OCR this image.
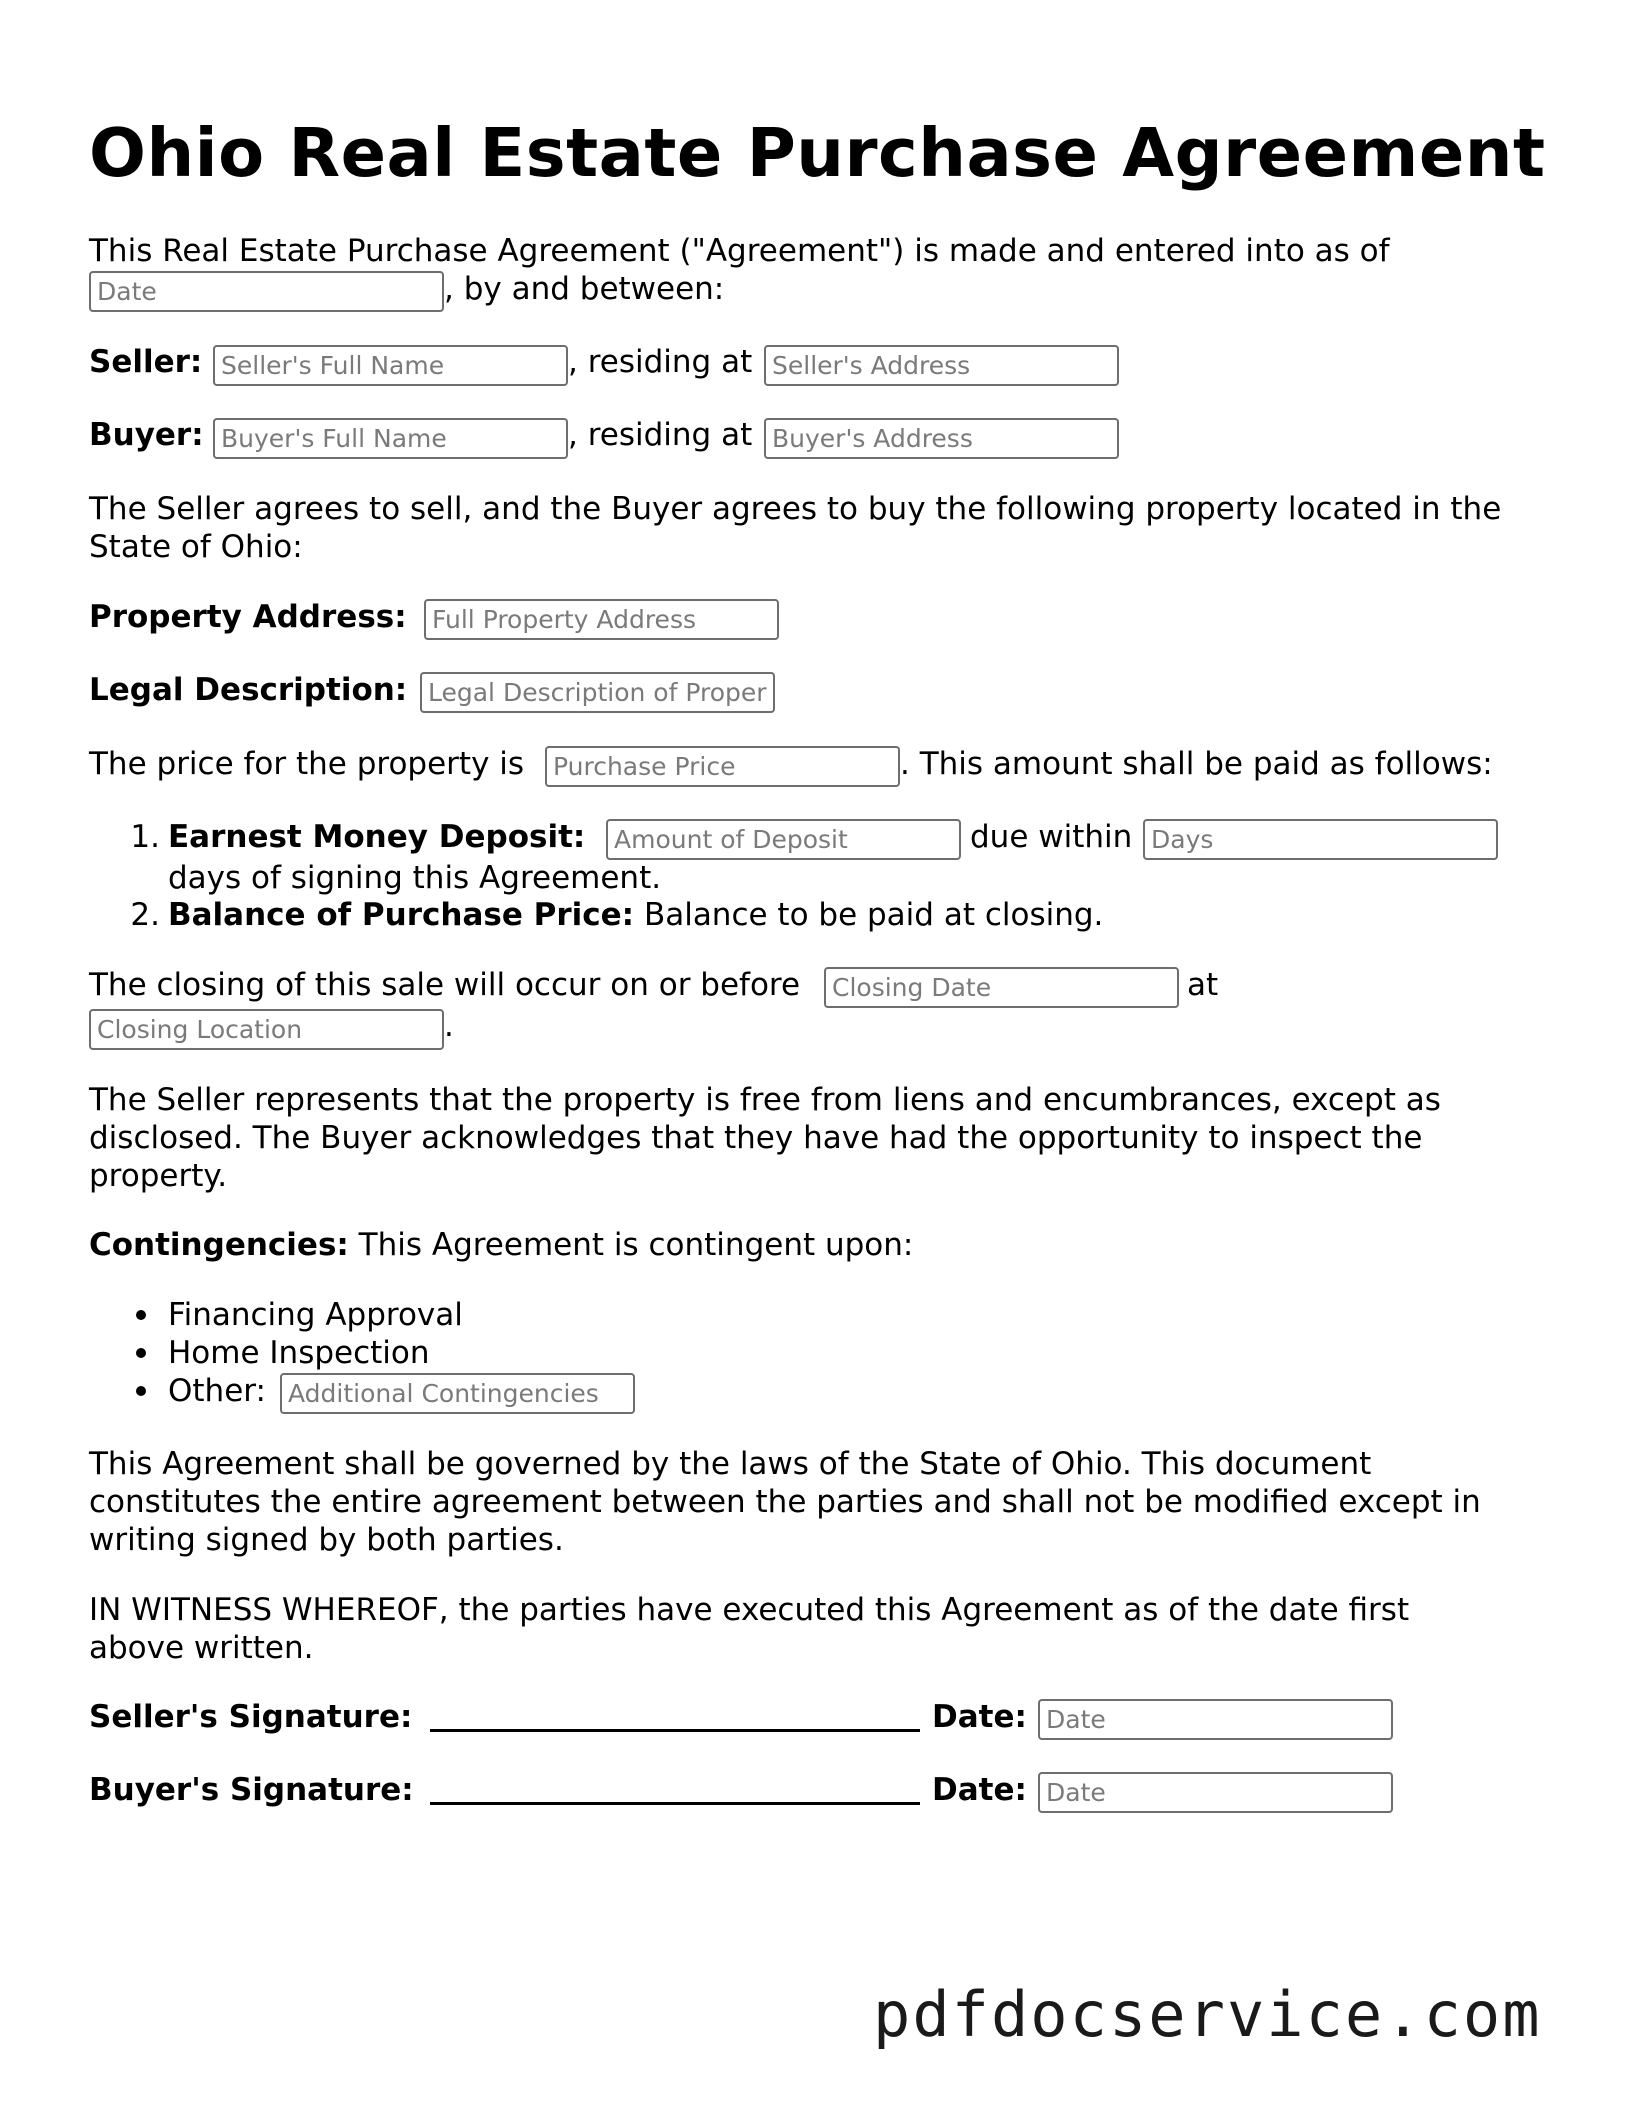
Ohio Real Estate Purchase Agreement

This Real Estate Purchase Agreement ("Agreement") is made and entered into as of

Date

, by and between:

Seller:

Seller's Full Name	, residing at

Seller's Address

Buyer:

Buyer's Full Name	, residing at

Buyer's Address

The Seller agrees to sell, and the Buyer agrees to buy the following property located in the

State of Ohio:

Property Address:

Full Property Address

Legal Description:

Legal Description of Property

The price for the property is

Purchase Price	. This amount shall be paid as follows:

1. Earnest Money Deposit:

Amount of Deposit	due within

Days

days of signing this Agreement.

2. Balance of Purchase Price: Balance to be paid at closing.

The closing of this sale will occur on or before

Closing Date	at

Closing Location

.

The Seller represents that the property is free from liens and encumbrances, except as

disclosed. The Buyer acknowledges that they have had the opportunity to inspect the

property.

Contingencies: This Agreement is contingent upon:

Financing Approval

Home Inspection

Other:

Additional Contingencies

This Agreement shall be governed by the laws of the State of Ohio. This document

constitutes the entire agreement between the parties and shall not be modified except in

writing signed by both parties.

IN WITNESS WHEREOF, the parties have executed this Agreement as of the date first

above written.

Seller's Signature:	Date:

Date

Buyer's Signature:	Date:

Date
pdfdocservice.com
